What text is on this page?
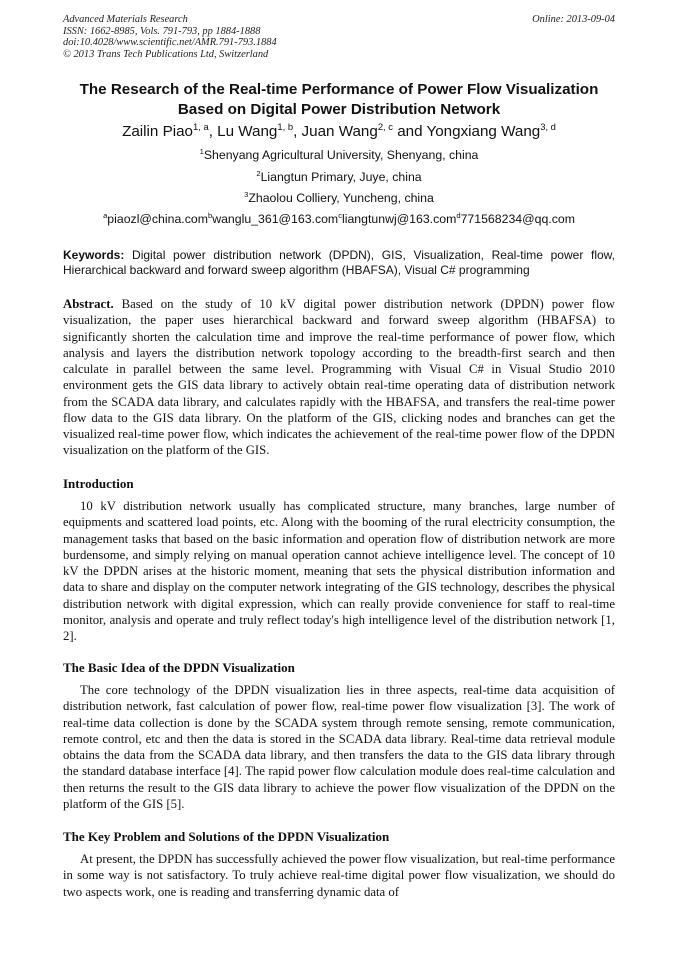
Advanced Materials Research
ISSN: 1662-8985, Vols. 791-793, pp 1884-1888
doi:10.4028/www.scientific.net/AMR.791-793.1884
© 2013 Trans Tech Publications Ltd, Switzerland
Online: 2013-09-04
The Research of the Real-time Performance of Power Flow Visualization
Based on Digital Power Distribution Network
Zailin Piao$^{1, a}$, Lu Wang$^{1, b}$, Juan Wang$^{2, c}$ and Yongxiang Wang$^{3, d}$
$^1$Shenyang Agricultural University, Shenyang, china
$^2$Liangtun Primary, Juye, china
$^3$Zhaolou Colliery, Yuncheng, china
$^a$piaozl@china.com$^b$wanglu_361@163.com$^c$liangtunwj@163.com$^d$771568234@qq.com
Keywords: Digital power distribution network (DPDN), GIS, Visualization, Real-time power flow, Hierarchical backward and forward sweep algorithm (HBAFSA), Visual C# programming
Abstract. Based on the study of 10 kV digital power distribution network (DPDN) power flow visualization, the paper uses hierarchical backward and forward sweep algorithm (HBAFSA) to significantly shorten the calculation time and improve the real-time performance of power flow, which analysis and layers the distribution network topology according to the breadth-first search and then calculate in parallel between the same level. Programming with Visual C# in Visual Studio 2010 environment gets the GIS data library to actively obtain real-time operating data of distribution network from the SCADA data library, and calculates rapidly with the HBAFSA, and transfers the real-time power flow data to the GIS data library. On the platform of the GIS, clicking nodes and branches can get the visualized real-time power flow, which indicates the achievement of the real-time power flow of the DPDN visualization on the platform of the GIS.
Introduction
10 kV distribution network usually has complicated structure, many branches, large number of equipments and scattered load points, etc. Along with the booming of the rural electricity consumption, the management tasks that based on the basic information and operation flow of distribution network are more burdensome, and simply relying on manual operation cannot achieve intelligence level. The concept of 10 kV the DPDN arises at the historic moment, meaning that sets the physical distribution information and data to share and display on the computer network integrating of the GIS technology, describes the physical distribution network with digital expression, which can really provide convenience for staff to real-time monitor, analysis and operate and truly reflect today's high intelligence level of the distribution network [1, 2].
The Basic Idea of the DPDN Visualization
The core technology of the DPDN visualization lies in three aspects, real-time data acquisition of distribution network, fast calculation of power flow, real-time power flow visualization [3]. The work of real-time data collection is done by the SCADA system through remote sensing, remote communication, remote control, etc and then the data is stored in the SCADA data library. Real-time data retrieval module obtains the data from the SCADA data library, and then transfers the data to the GIS data library through the standard database interface [4]. The rapid power flow calculation module does real-time calculation and then returns the result to the GIS data library to achieve the power flow visualization of the DPDN on the platform of the GIS [5].
The Key Problem and Solutions of the DPDN Visualization
At present, the DPDN has successfully achieved the power flow visualization, but real-time performance in some way is not satisfactory. To truly achieve real-time digital power flow visualization, we should do two aspects work, one is reading and transferring dynamic data of
